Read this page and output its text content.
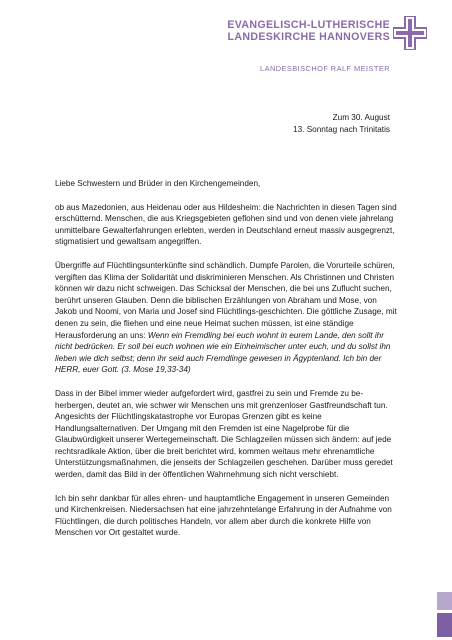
EVANGELISCH-LUTHERISCHE
LANDESKIRCHE HANNOVERS
LANDESBISCHOF RALF MEISTER
Zum 30. August
13. Sonntag nach Trinitatis

Liebe Schwestern und Brüder in den Kirchengemeinden,

ob aus Mazedonien, aus Heidenau oder aus Hildesheim: die Nachrichten in diesen Tagen sind erschütternd. Menschen, die aus Kriegsgebieten geflohen sind und von denen viele jahrelang unmittelbare Gewalterfahrungen erlebten, werden in Deutschland erneut massiv ausgegrenzt, stigmatisiert und gewaltsam angegriffen.

Übergriffe auf Flüchtlingsunterkünfte sind schändlich. Dumpfe Parolen, die Vorurteile schüren, vergiften das Klima der Solidarität und diskriminieren Menschen. Als Christinnen und Christen können wir dazu nicht schweigen. Das Schicksal der Menschen, die bei uns Zuflucht suchen, berührt unseren Glauben. Denn die biblischen Erzählungen von Abraham und Mose, von Jakob und Noomi, von Maria und Josef sind Flüchtlings-geschichten. Die göttliche Zusage, mit denen zu sein, die fliehen und eine neue Heimat suchen müssen, ist eine ständige Herausforderung an uns: Wenn ein Fremdling bei euch wohnt in eurem Lande, den sollt ihr nicht bedrücken. Er soll bei euch wohnen wie ein Einheimischer unter euch, und du sollst ihn lieben wie dich selbst; denn ihr seid auch Fremdlinge gewesen in Ägyptenland. Ich bin der HERR, euer Gott. (3. Mose 19,33-34)

Dass in der Bibel immer wieder aufgefordert wird, gastfrei zu sein und Fremde zu be-herbergen, deutet an, wie schwer wir Menschen uns mit grenzenloser Gastfreundschaft tun. Angesichts der Flüchtlingskatastrophe vor Europas Grenzen gibt es keine Handlungsalternativen. Der Umgang mit den Fremden ist eine Nagelprobe für die Glaubwürdigkeit unserer Wertegemeinschaft. Die Schlagzeilen müssen sich ändern: auf jede rechtsradikale Aktion, über die breit berichtet wird, kommen weitaus mehr ehrenamtliche Unterstützungsmaßnahmen, die jenseits der Schlagzeilen geschehen. Darüber muss geredet werden, damit das Bild in der öffentlichen Wahrnehmung sich nicht verschiebt.

Ich bin sehr dankbar für alles ehren- und hauptamtliche Engagement in unseren Gemeinden und Kirchenkreisen. Niedersachsen hat eine jahrzehntelange Erfahrung in der Aufnahme von Flüchtlingen, die durch politisches Handeln, vor allem aber durch die konkrete Hilfe von Menschen vor Ort gestaltet wurde.
